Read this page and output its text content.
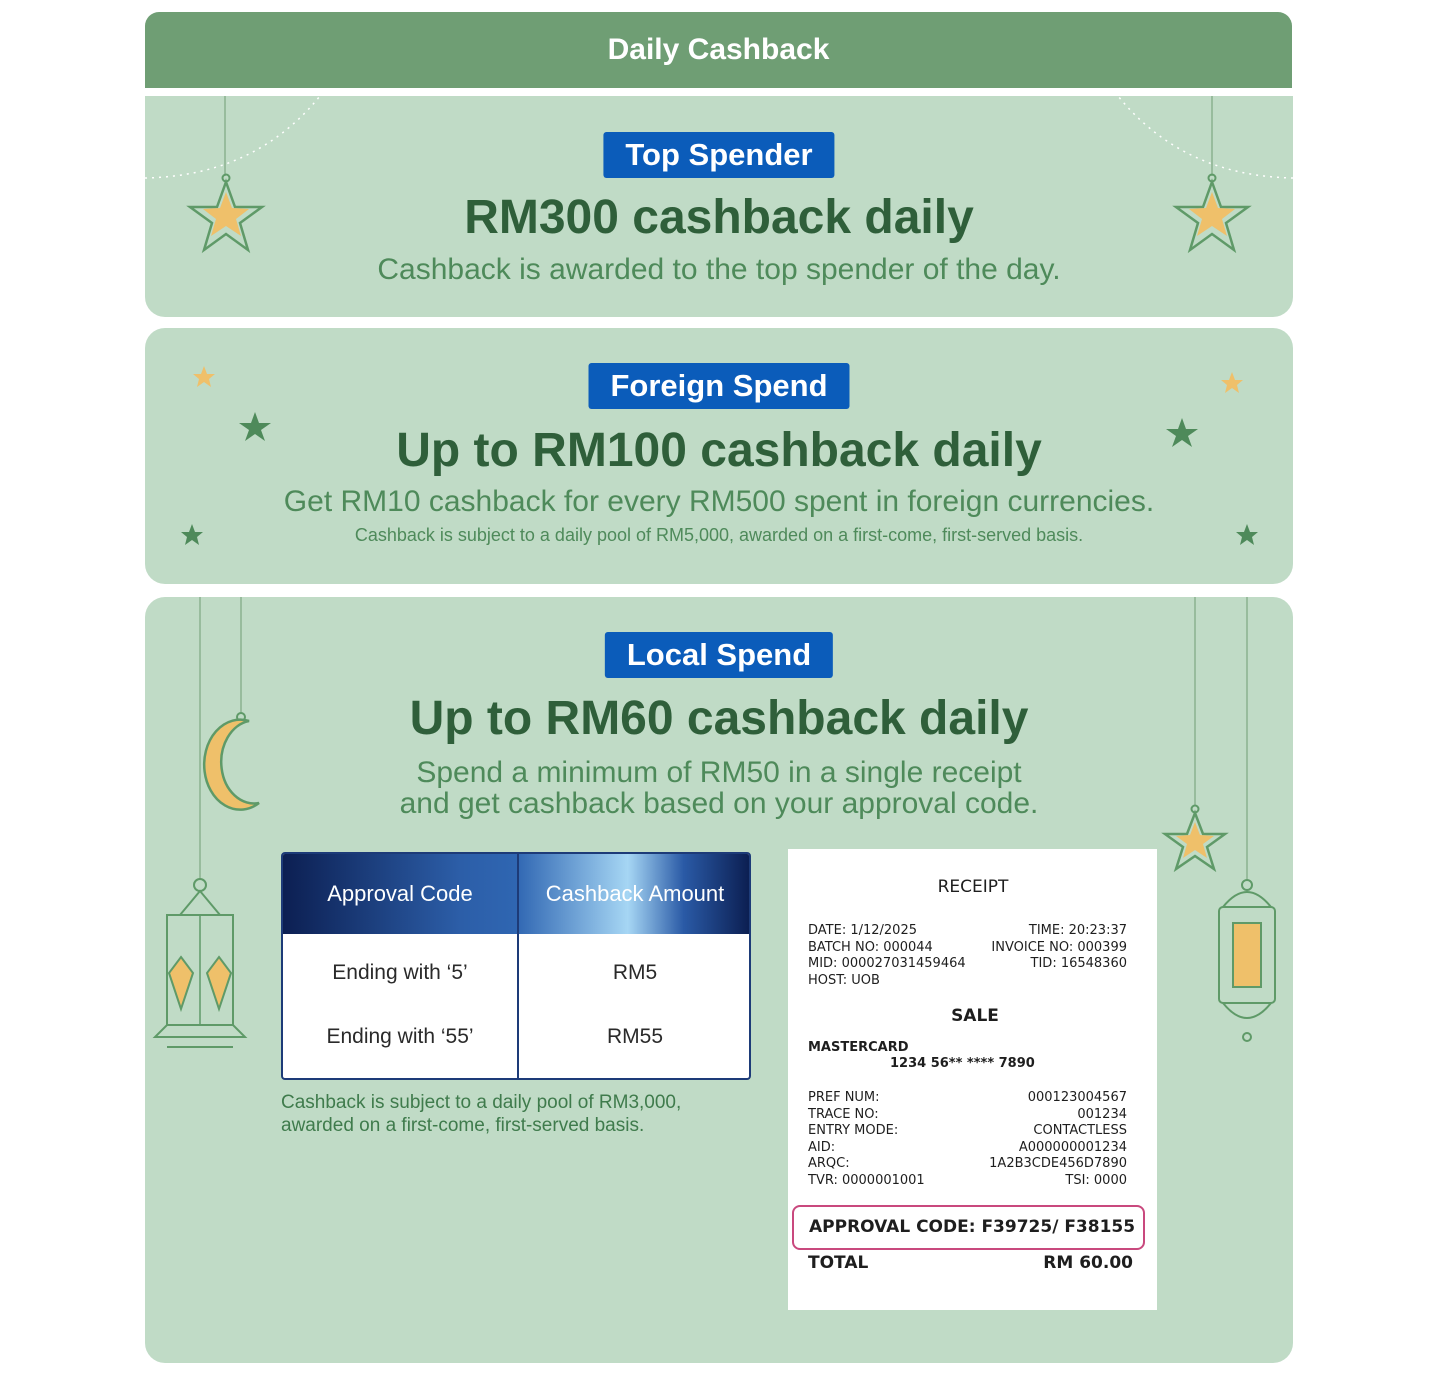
Daily Cashback
Top Spender
RM300 cashback daily
Cashback is awarded to the top spender of the day.
Foreign Spend
Up to RM100 cashback daily
Get RM10 cashback for every RM500 spent in foreign currencies.
Cashback is subject to a daily pool of RM5,000, awarded on a first-come, first-served basis.
Local Spend
Up to RM60 cashback daily
Spend a minimum of RM50 in a single receipt
and get cashback based on your approval code.
Approval Code	Cashback Amount
Ending with ‘5’	RM5
Ending with ‘55’	RM55
Cashback is subject to a daily pool of RM3,000,
awarded on a first-come, first-served basis.
RECEIPT
DATE: 1/12/2025	TIME: 20:23:37
BATCH NO: 000044	INVOICE NO: 000399
MID: 000027031459464	TID: 16548360
HOST: UOB
SALE
MASTERCARD
1234 56** **** 7890
PREF NUM:	000123004567
TRACE NO:	001234
ENTRY MODE:	CONTACTLESS
AID:	A000000001234
ARQC:	1A2B3CDE456D7890
TVR: 0000001001	TSI: 0000
APPROVAL CODE: F39725/ F38155
TOTAL	RM 60.00
